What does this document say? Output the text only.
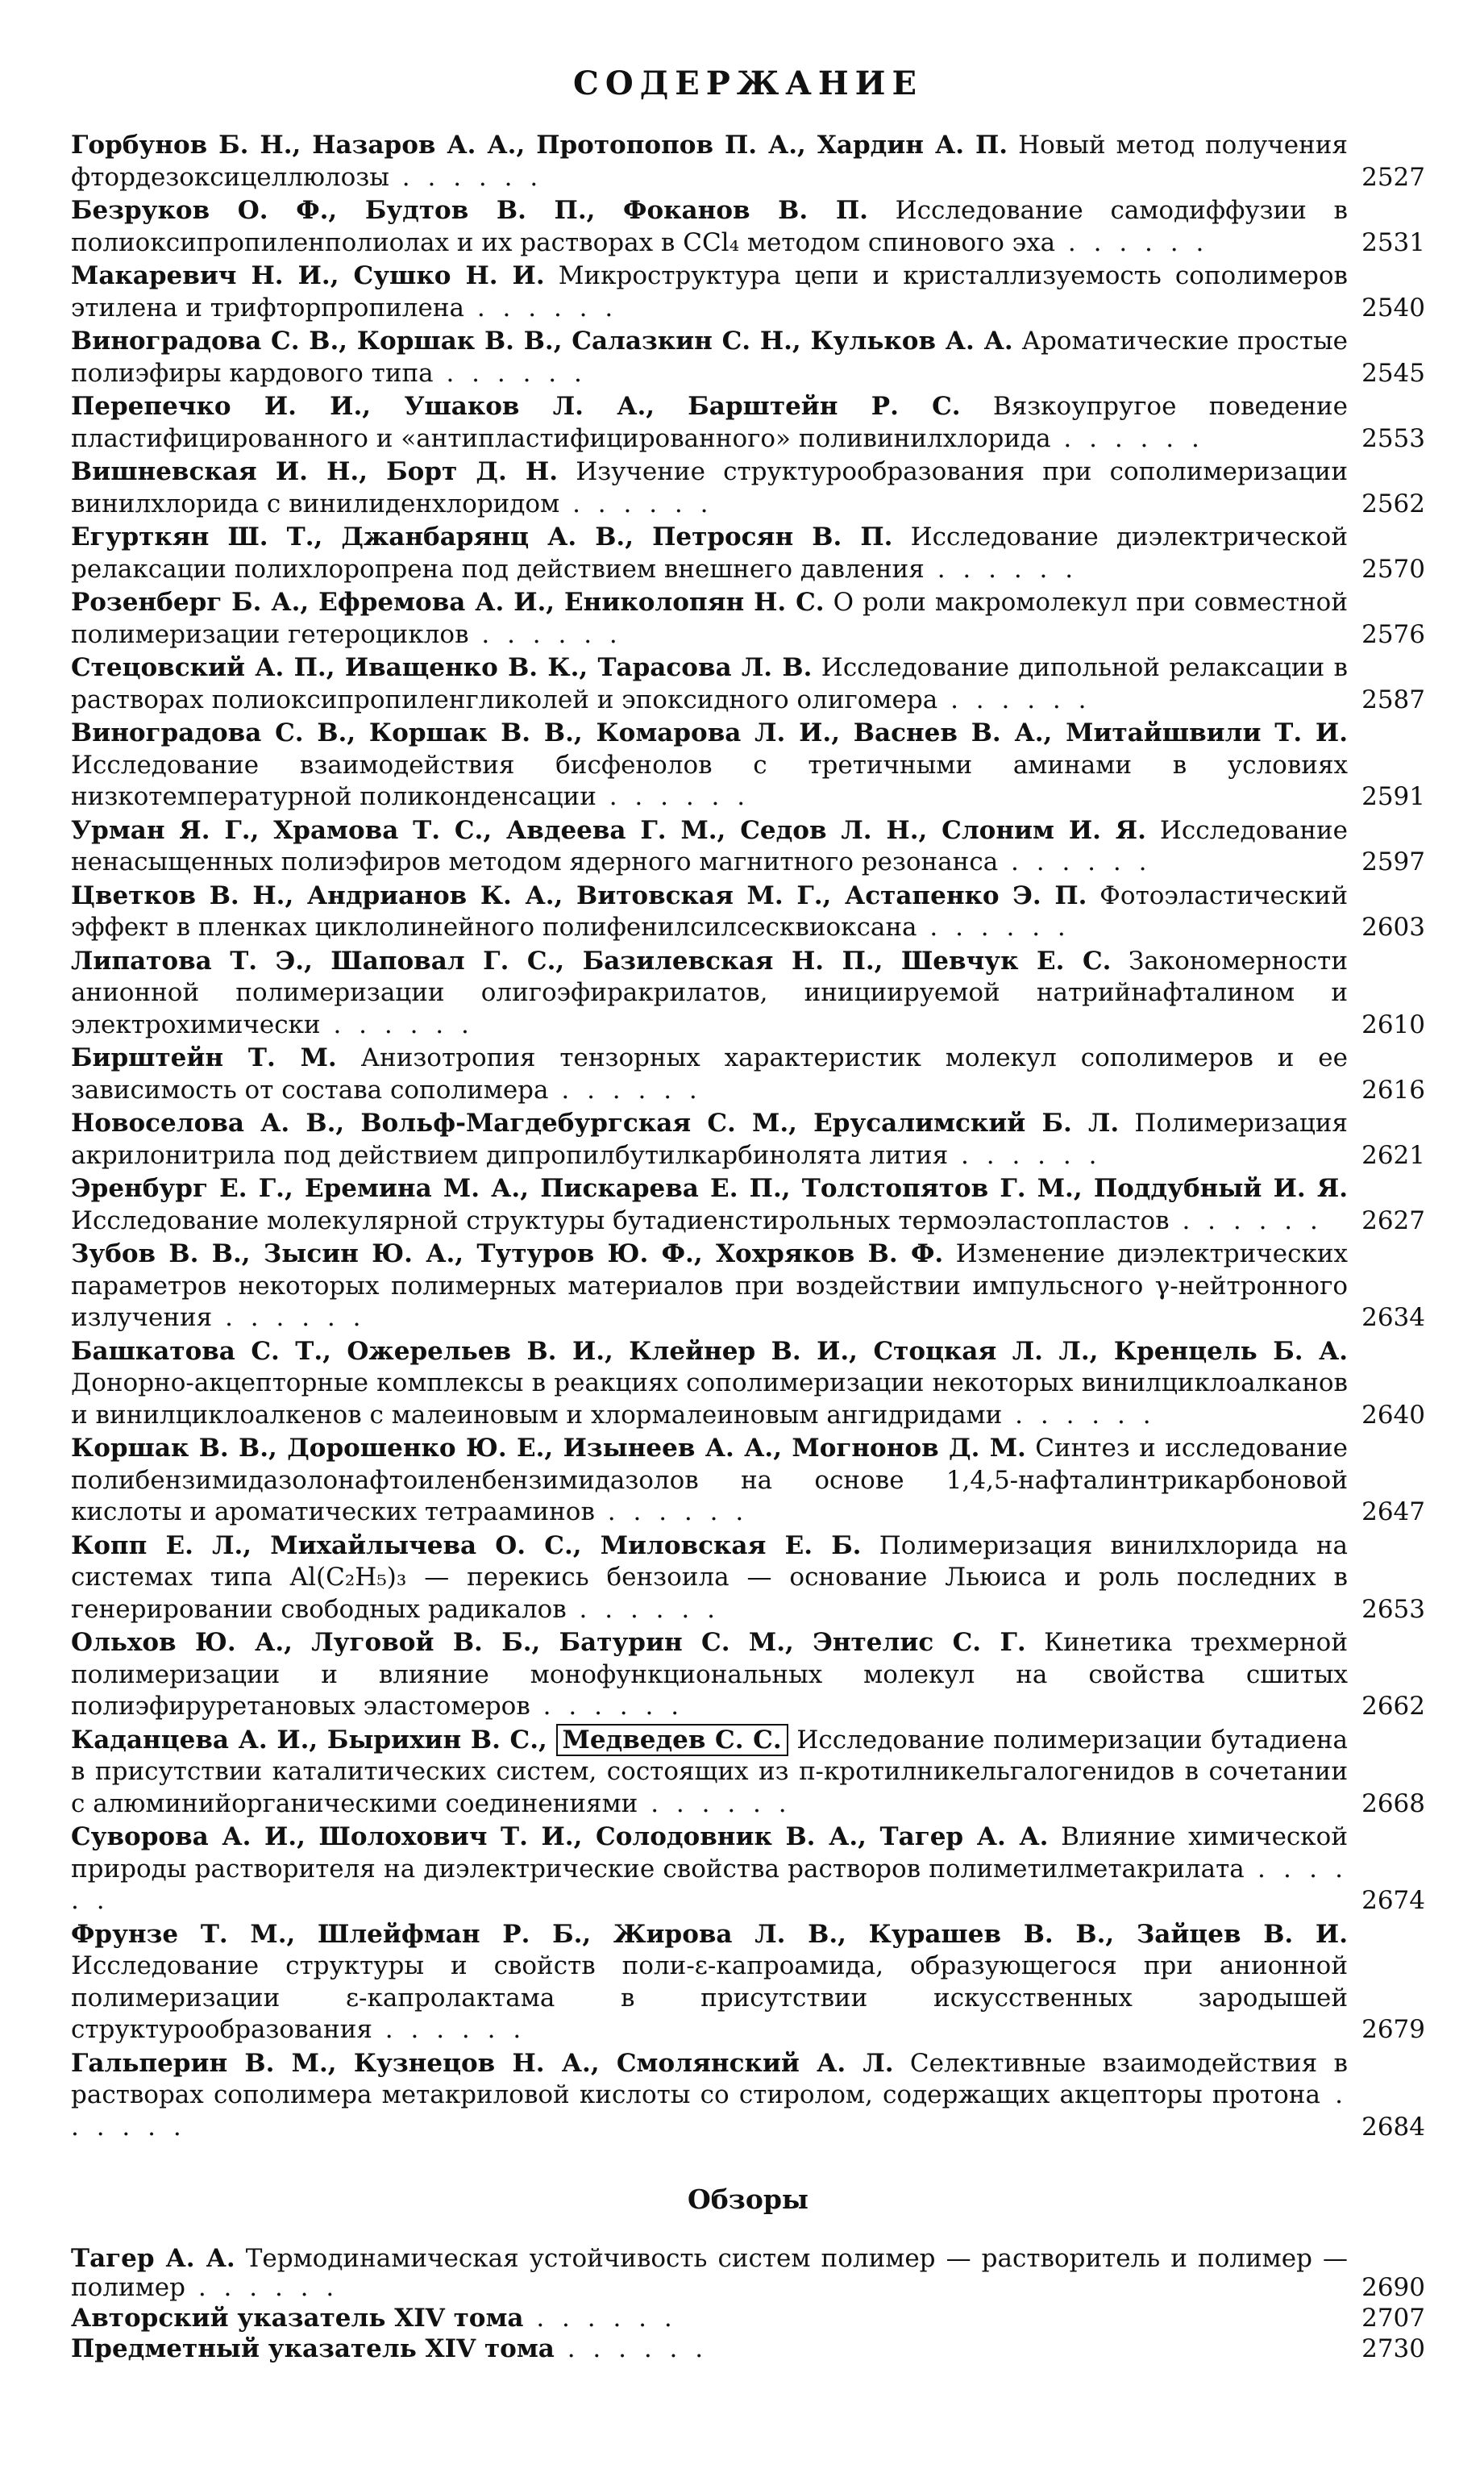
СОДЕРЖАНИЕ
Горбунов Б. Н., Назаров А. А., Протопопов П. А., Хардин А. П. Новый метод получения фтордезоксицеллюлозы . . . . . .	2527
Безруков О. Ф., Будтов В. П., Фоканов В. П. Исследование самодиффузии в полиоксипропиленполиолах и их растворах в CCl₄ методом спинового эха . . . . . .	2531
Макаревич Н. И., Сушко Н. И. Микроструктура цепи и кристаллизуемость сополимеров этилена и трифторпропилена . . . . . .	2540
Виноградова С. В., Коршак В. В., Салазкин С. Н., Кульков А. А. Ароматические простые полиэфиры кардового типа . . . . . .	2545
Перепечко И. И., Ушаков Л. А., Барштейн Р. С. Вязкоупругое поведение пластифицированного и «антипластифицированного» поливинилхлорида . . . . . .	2553
Вишневская И. Н., Борт Д. Н. Изучение структурообразования при сополимеризации винилхлорида с винилиденхлоридом . . . . . .	2562
Егурткян Ш. Т., Джанбарянц А. В., Петросян В. П. Исследование диэлектрической релаксации полихлоропрена под действием внешнего давления . . . . . .	2570
Розенберг Б. А., Ефремова А. И., Ениколопян Н. С. О роли макромолекул при совместной полимеризации гетероциклов . . . . . .	2576
Стецовский А. П., Иващенко В. К., Тарасова Л. В. Исследование дипольной релаксации в растворах полиоксипропиленгликолей и эпоксидного олигомера . . . . . .	2587
Виноградова С. В., Коршак В. В., Комарова Л. И., Васнев В. А., Митайшвили Т. И. Исследование взаимодействия бисфенолов с третичными аминами в условиях низкотемпературной поликонденсации . . . . . .	2591
Урман Я. Г., Храмова Т. С., Авдеева Г. М., Седов Л. Н., Слоним И. Я. Исследование ненасыщенных полиэфиров методом ядерного магнитного резонанса . . . . . .	2597
Цветков В. Н., Андрианов К. А., Витовская М. Г., Астапенко Э. П. Фотоэластический эффект в пленках циклолинейного полифенилсилсесквиоксана . . . . . .	2603
Липатова Т. Э., Шаповал Г. С., Базилевская Н. П., Шевчук Е. С. Закономерности анионной полимеризации олигоэфиракрилатов, инициируемой натрийнафталином и электрохимически . . . . . .	2610
Бирштейн Т. М. Анизотропия тензорных характеристик молекул сополимеров и ее зависимость от состава сополимера . . . . . .	2616
Новоселова А. В., Вольф-Магдебургская С. М., Ерусалимский Б. Л. Полимеризация акрилонитрила под действием дипропилбутилкарбинолята лития . . . . . .	2621
Эренбург Е. Г., Еремина М. А., Пискарева Е. П., Толстопятов Г. М., Поддубный И. Я. Исследование молекулярной структуры бутадиенстирольных термоэластопластов . . . . . . 2627
Зубов В. В., Зысин Ю. А., Тутуров Ю. Ф., Хохряков В. Ф. Изменение диэлектрических параметров некоторых полимерных материалов при воздействии импульсного γ-нейтронного излучения . . . . . .	2634
Башкатова С. Т., Ожерельев В. И., Клейнер В. И., Стоцкая Л. Л., Кренцель Б. А. Донорно-акцепторные комплексы в реакциях сополимеризации некоторых винилциклоалканов и винилциклоалкенов с малеиновым и хлормалеиновым ангидридами . . . . . .	2640
Коршак В. В., Дорошенко Ю. Е., Изынеев А. А., Могнонов Д. М. Синтез и исследование полибензимидазолонафтоиленбензимидазолов на основе 1,4,5-нафталинтрикарбоновой кислоты и ароматических тетрааминов . . . . . .	2647
Копп Е. Л., Михайлычева О. С., Миловская Е. Б. Полимеризация винилхлорида на системах типа Al(C₂H₅)₃ — перекись бензоила — основание Льюиса и роль последних в генерировании свободных радикалов . . . . . .	2653
Ольхов Ю. А., Луговой В. Б., Батурин С. М., Энтелис С. Г. Кинетика трехмерной полимеризации и влияние монофункциональных молекул на свойства сшитых полиэфируретановых эластомеров . . . . . .	2662
Каданцева А. И., Бырихин В. С., Медведев С. С. Исследование полимеризации бутадиена в присутствии каталитических систем, состоящих из π-кротилникельгалогенидов в сочетании с алюминийорганическими соединениями . . . . . .	2668
Суворова А. И., Шолохович Т. И., Солодовник В. А., Тагер А. А. Влияние химической природы растворителя на диэлектрические свойства растворов полиметилметакрилата . . . . . .	2674
Фрунзе Т. М., Шлейфман Р. Б., Жирова Л. В., Курашев В. В., Зайцев В. И. Исследование структуры и свойств поли-ε-капроамида, образующегося при анионной полимеризации ε-капролактама в присутствии искусственных зародышей структурообразования . . . . . .	2679
Гальперин В. М., Кузнецов Н. А., Смолянский А. Л. Селективные взаимодействия в растворах сополимера метакриловой кислоты со стиролом, содержащих акцепторы протона . . . . . .	2684
Обзоры
Тагер А. А. Термодинамическая устойчивость систем полимер — растворитель и полимер — полимер . . . . . .	2690
Авторский указатель XIV тома . . . . . .	2707
Предметный указатель XIV тома . . . . . .	2730
